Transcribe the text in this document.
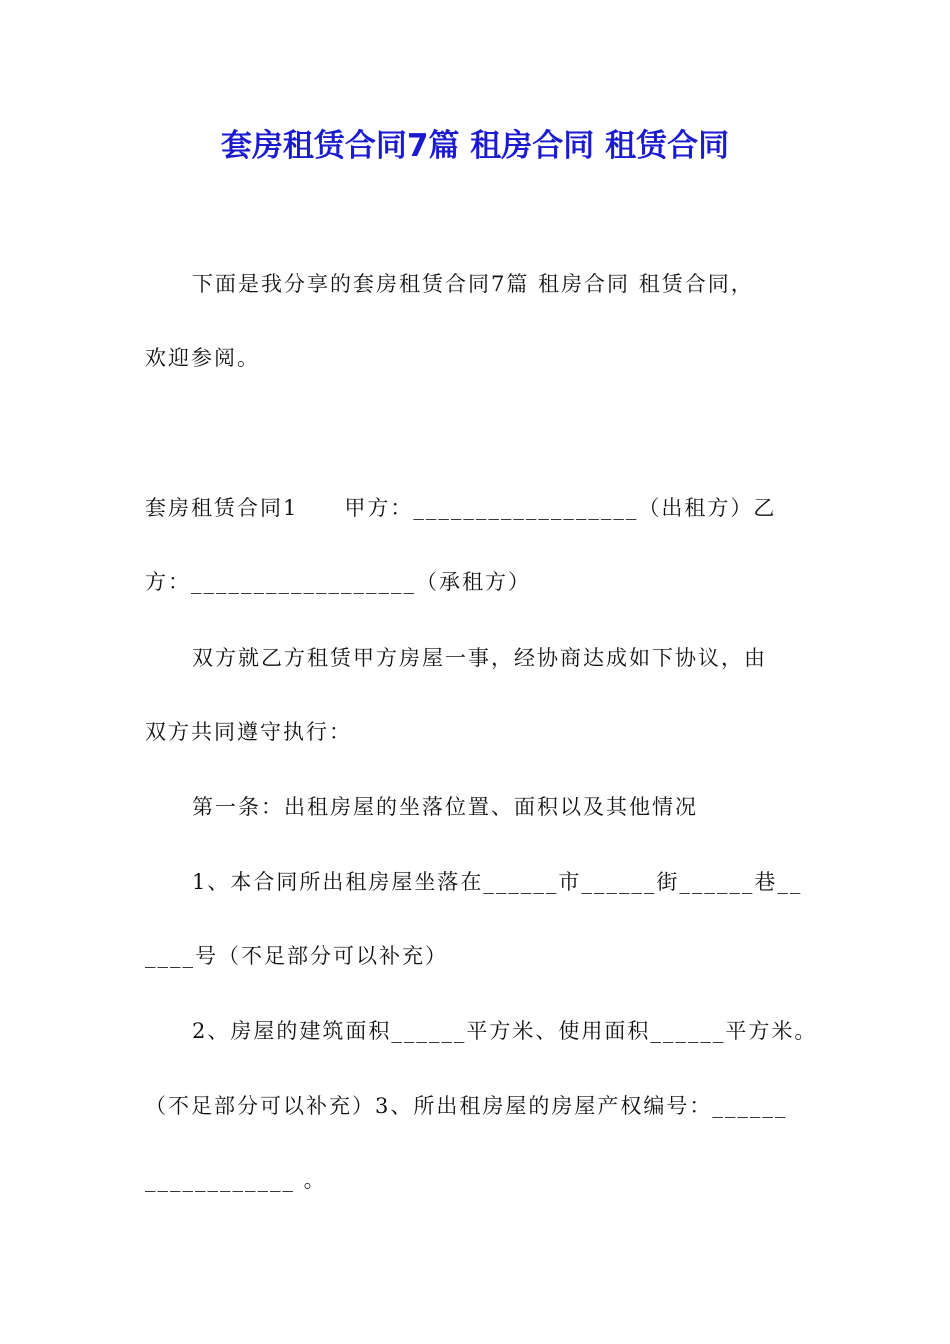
套房租赁合同7篇 租房合同 租赁合同
下面是我分享的套房租赁合同7篇 租房合同 租赁合同，
欢迎参阅。
套房租赁合同1　　甲方：__________________（出租方）乙
方：__________________（承租方）
双方就乙方租赁甲方房屋一事，经协商达成如下协议，由
双方共同遵守执行：
第一条：出租房屋的坐落位置、面积以及其他情况
1、本合同所出租房屋坐落在______市______街______巷__
____号（不足部分可以补充）
2、房屋的建筑面积______平方米、使用面积______平方米。
（不足部分可以补充）3、所出租房屋的房屋产权编号：______
____________ 。
